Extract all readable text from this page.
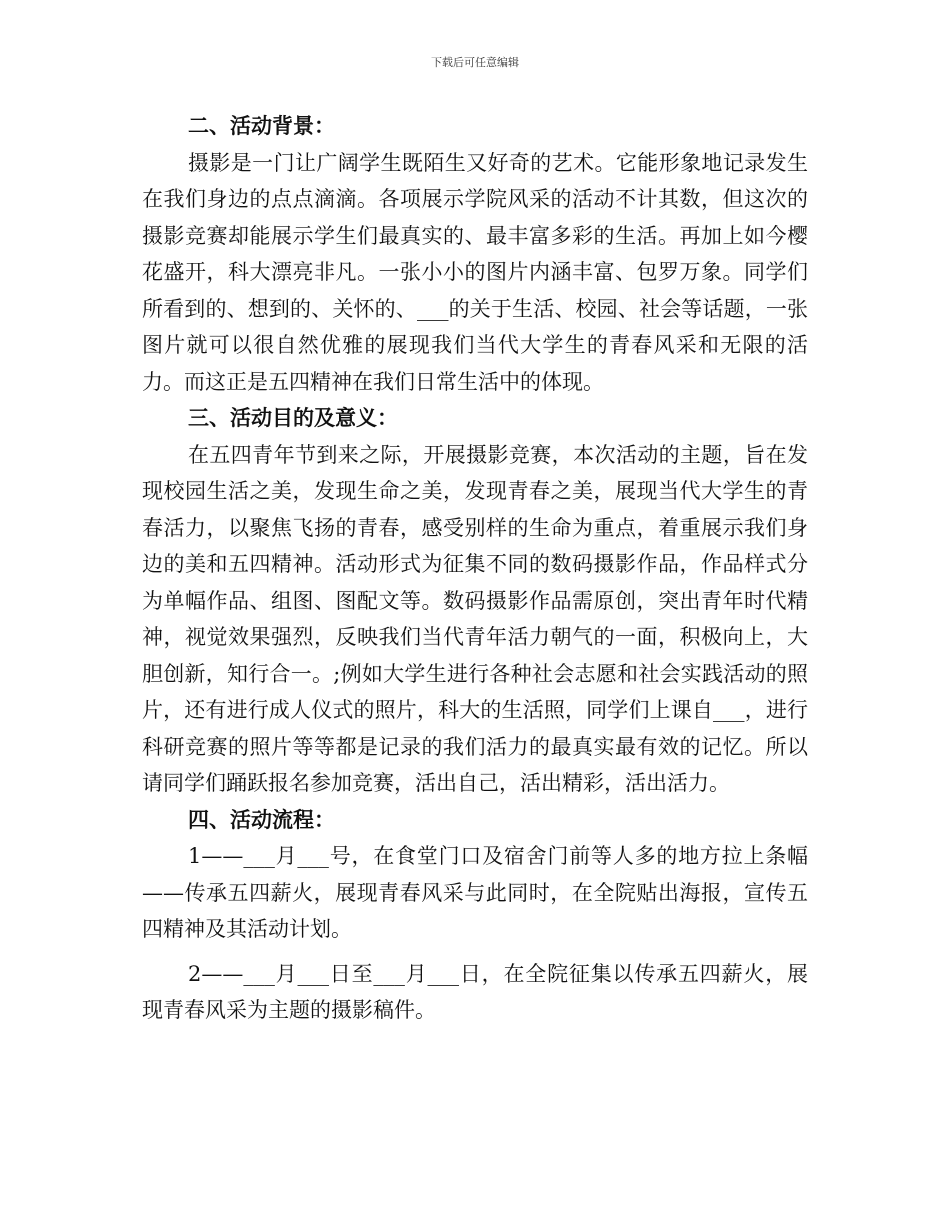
下载后可任意编辑
二、活动背景：

摄影是一门让广阔学生既陌生又好奇的艺术。它能形象地记录发生在我们身边的点点滴滴。各项展示学院风采的活动不计其数，但这次的摄影竞赛却能展示学生们最真实的、最丰富多彩的生活。再加上如今樱花盛开，科大漂亮非凡。一张小小的图片内涵丰富、包罗万象。同学们所看到的、想到的、关怀的、___的关于生活、校园、社会等话题，一张图片就可以很自然优雅的展现我们当代大学生的青春风采和无限的活力。而这正是五四精神在我们日常生活中的体现。

三、活动目的及意义：

在五四青年节到来之际，开展摄影竞赛，本次活动的主题，旨在发现校园生活之美，发现生命之美，发现青春之美，展现当代大学生的青春活力，以聚焦飞扬的青春，感受别样的生命为重点，着重展示我们身边的美和五四精神。活动形式为征集不同的数码摄影作品，作品样式分为单幅作品、组图、图配文等。数码摄影作品需原创，突出青年时代精神，视觉效果强烈，反映我们当代青年活力朝气的一面，积极向上，大胆创新，知行合一。;例如大学生进行各种社会志愿和社会实践活动的照片，还有进行成人仪式的照片，科大的生活照，同学们上课自___，进行科研竞赛的照片等等都是记录的我们活力的最真实最有效的记忆。所以请同学们踊跃报名参加竞赛，活出自己，活出精彩，活出活力。

四、活动流程：

1——___月___号，在食堂门口及宿舍门前等人多的地方拉上条幅——传承五四薪火，展现青春风采与此同时，在全院贴出海报，宣传五四精神及其活动计划。

2——___月___日至___月___日，在全院征集以传承五四薪火，展现青春风采为主题的摄影稿件。
